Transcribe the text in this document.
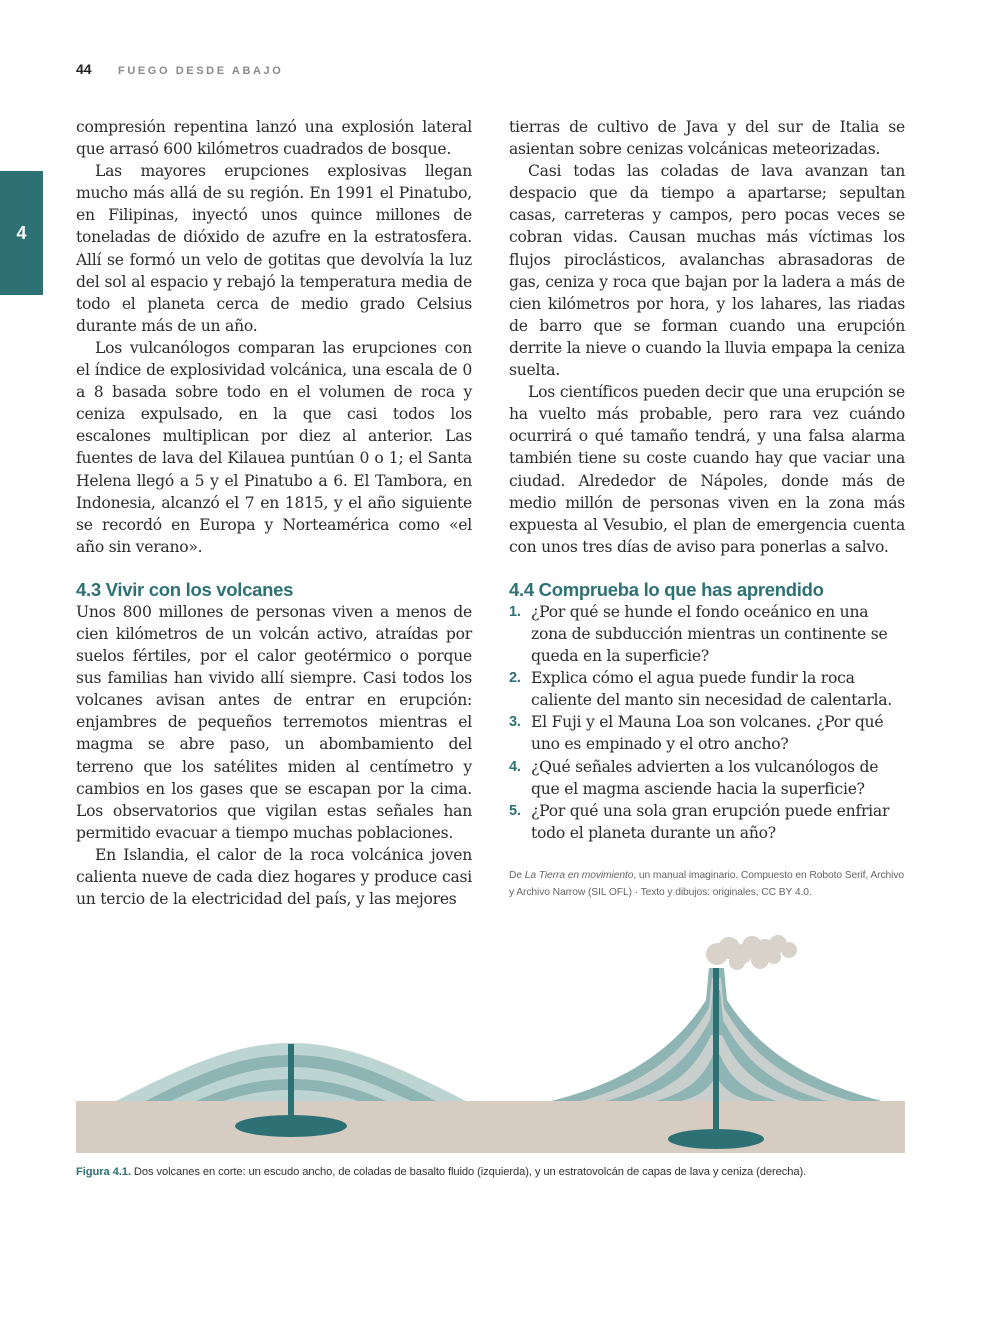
44	FUEGO DESDE ABAJO
4

compresión repentina lanzó una explosión lateral que arrasó 600 kilómetros cuadrados de bosque.

Las mayores erupciones explosivas llegan mucho más allá de su región. En 1991 el Pinatubo, en Filipinas, inyectó unos quince millones de toneladas de dióxido de azufre en la estratosfera. Allí se formó un velo de gotitas que devolvía la luz del sol al espacio y rebajó la temperatura media de todo el planeta cerca de medio grado Celsius durante más de un año.

Los vulcanólogos comparan las erupciones con el índice de explosividad volcánica, una escala de 0 a 8 basada sobre todo en el volumen de roca y ceniza expulsado, en la que casi todos los escalones multiplican por diez al anterior. Las fuentes de lava del Kilauea puntúan 0 o 1; el Santa Helena llegó a 5 y el Pinatubo a 6. El Tambora, en Indonesia, alcanzó el 7 en 1815, y el año siguiente se recordó en Europa y Norteamérica como «el año sin verano».

4.3 Vivir con los volcanes

Unos 800 millones de personas viven a menos de cien kilómetros de un volcán activo, atraídas por suelos fértiles, por el calor geotérmico o porque sus familias han vivido allí siempre. Casi todos los volcanes avisan antes de entrar en erupción: enjambres de pequeños terremotos mientras el magma se abre paso, un abombamiento del terreno que los satélites miden al centímetro y cambios en los gases que se escapan por la cima. Los observatorios que vigilan estas señales han permitido evacuar a tiempo muchas poblaciones.

En Islandia, el calor de la roca volcánica joven calienta nueve de cada diez hogares y produce casi un tercio de la electricidad del país, y las mejores

tierras de cultivo de Java y del sur de Italia se asientan sobre cenizas volcánicas meteorizadas.

Casi todas las coladas de lava avanzan tan despacio que da tiempo a apartarse; sepultan casas, carreteras y campos, pero pocas veces se cobran vidas. Causan muchas más víctimas los flujos piroclásticos, avalanchas abrasadoras de gas, ceniza y roca que bajan por la ladera a más de cien kilómetros por hora, y los lahares, las riadas de barro que se forman cuando una erupción derrite la nieve o cuando la lluvia empapa la ceniza suelta.

Los científicos pueden decir que una erupción se ha vuelto más probable, pero rara vez cuándo ocurrirá o qué tamaño tendrá, y una falsa alarma también tiene su coste cuando hay que vaciar una ciudad. Alrededor de Nápoles, donde más de medio millón de personas viven en la zona más expuesta al Vesubio, el plan de emergencia cuenta con unos tres días de aviso para ponerlas a salvo.

4.4 Comprueba lo que has aprendido
1. ¿Por qué se hunde el fondo oceánico en una zona de subducción mientras un continente se queda en la superficie?
2. Explica cómo el agua puede fundir la roca caliente del manto sin necesidad de calentarla.
3. El Fuji y el Mauna Loa son volcanes. ¿Por qué uno es empinado y el otro ancho?
4. ¿Qué señales advierten a los vulcanólogos de que el magma asciende hacia la superficie?
5. ¿Por qué una sola gran erupción puede enfriar todo el planeta durante un año?
De La Tierra en movimiento, un manual imaginario. Compuesto en Roboto Serif, Archivo y Archivo Narrow (SIL OFL) · Texto y dibujos: originales, CC BY 4.0.
Figura 4.1. Dos volcanes en corte: un escudo ancho, de coladas de basalto fluido (izquierda), y un estratovolcán de capas de lava y ceniza (derecha).
